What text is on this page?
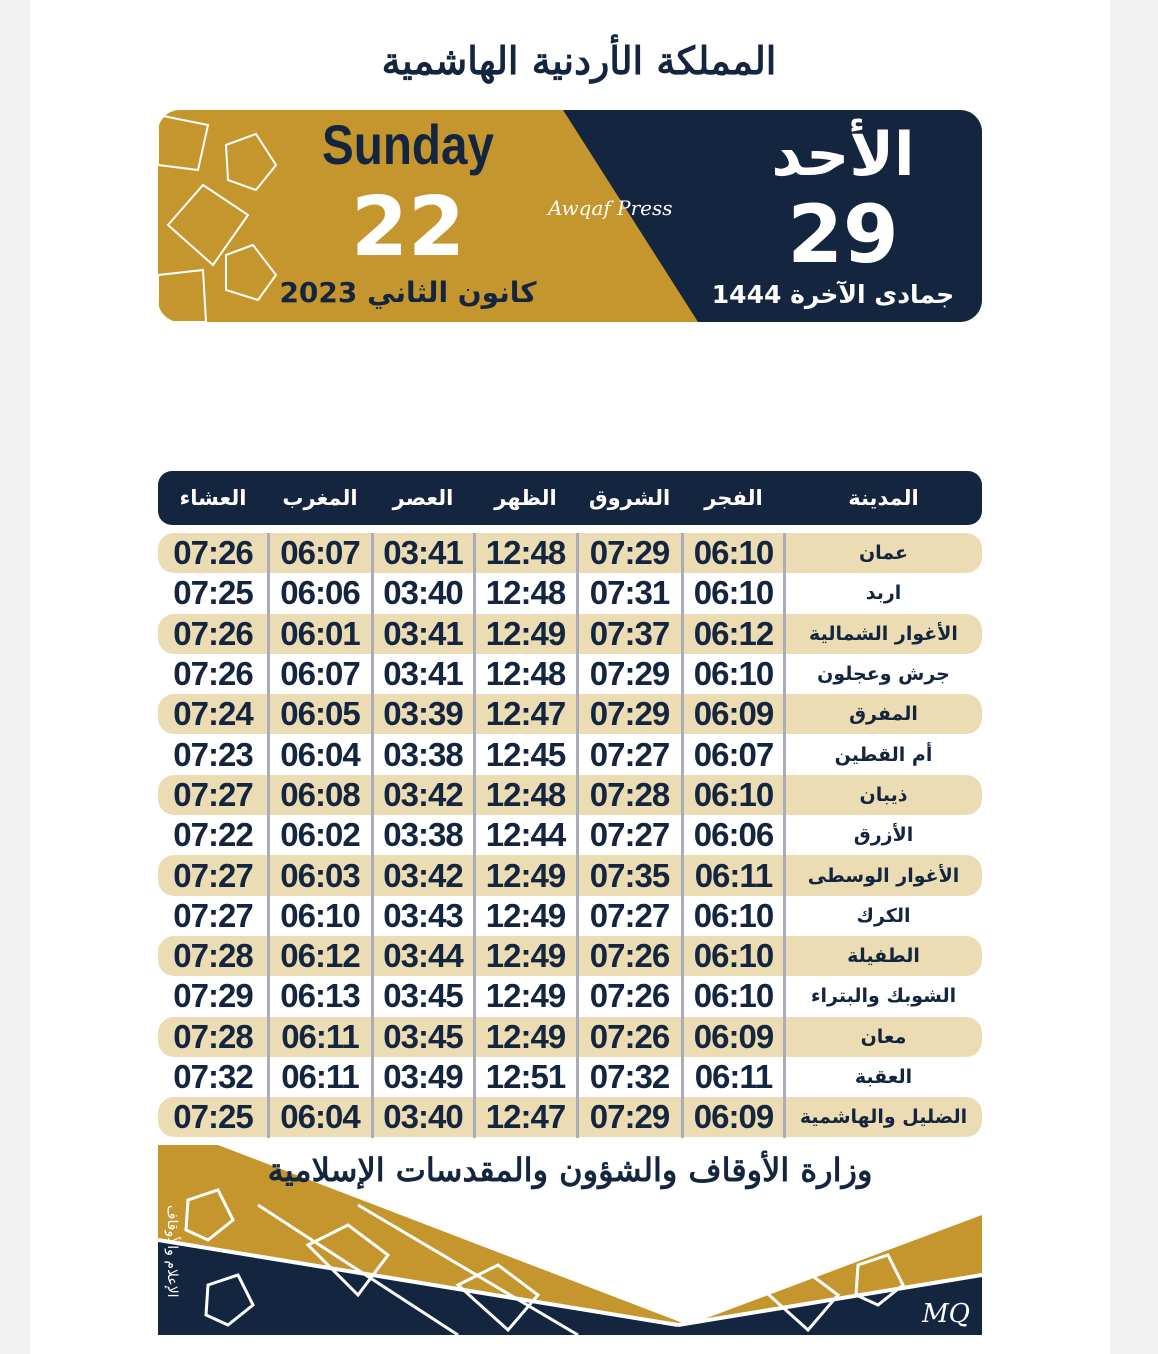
المملكة الأردنية الهاشمية
Sunday
22
كانون الثاني 2023
Awqaf Press
الأحد
29
جمادى الآخرة 1444
العشاء	المغرب	العصر	الظهر	الشروق	الفجر	المدينة
07:26 06:07 03:41 12:48 07:29 06:10	عمان
07:25 06:06 03:40 12:48 07:31 06:10	اربد
07:26 06:01 03:41 12:49 07:37 06:12	الأغوار الشمالية
07:26 06:07 03:41 12:48 07:29 06:10	جرش وعجلون
07:24 06:05 03:39 12:47 07:29 06:09	المفرق
07:23 06:04 03:38 12:45 07:27 06:07	أم القطين
07:27 06:08 03:42 12:48 07:28 06:10	ذيبان
07:22 06:02 03:38 12:44 07:27 06:06	الأزرق
07:27 06:03 03:42 12:49 07:35 06:11	الأغوار الوسطى
07:27 06:10 03:43 12:49 07:27 06:10	الكرك
07:28 06:12 03:44 12:49 07:26 06:10	الطفيلة
07:29 06:13 03:45 12:49 07:26 06:10	الشوبك والبتراء
07:28 06:11 03:45 12:49 07:26 06:09	معان
07:32 06:11 03:49 12:51 07:32 06:11	العقبة
07:25 06:04 03:40 12:47 07:29 06:09	الضليل والهاشمية
وزارة الأوقاف والشؤون والمقدسات الإسلامية
الإعلام والأوقاف
MQ
